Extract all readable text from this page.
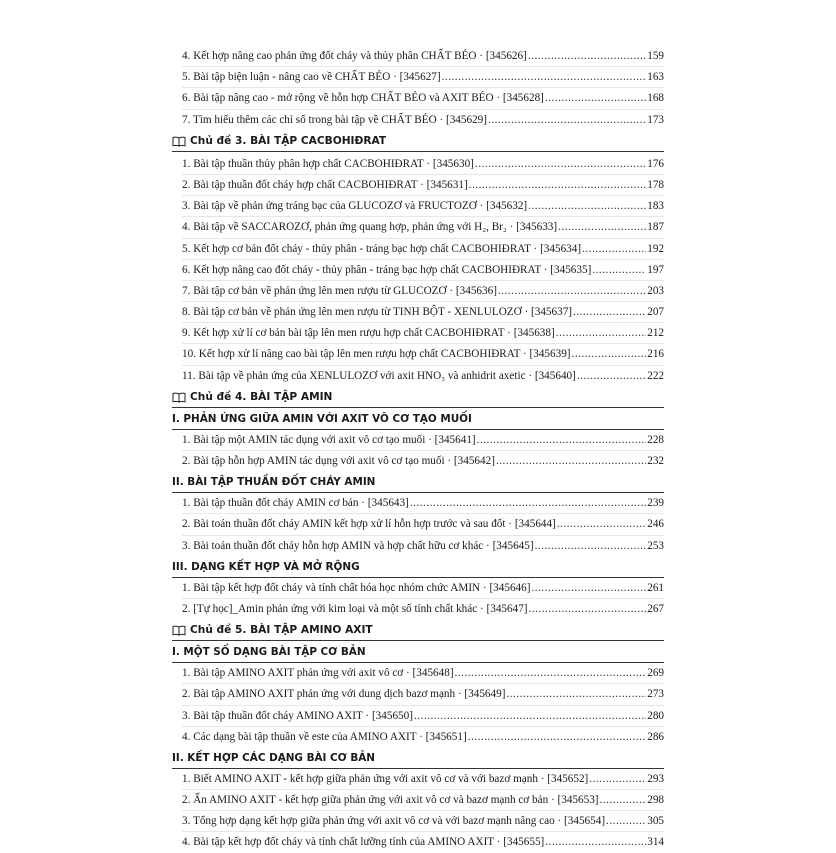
4. Kết hợp nâng cao phản ứng đốt cháy và thủy phân CHẤT BÉO · [345626] .....	159
5. Bài tập biện luận - nâng cao về CHẤT BÉO · [345627] .....	163
6. Bài tập nâng cao - mở rộng về hỗn hợp CHẤT BÉO và AXIT BÉO · [345628] .....	168
7. Tìm hiểu thêm các chỉ số trong bài tập về CHẤT BÉO · [345629] .....	173
Chủ đề 3. BÀI TẬP CACBOHIĐRAT
1. Bài tập thuần thủy phân hợp chất CACBOHIĐRAT · [345630] .....	176
2. Bài tập thuần đốt cháy hợp chất CACBOHIĐRAT · [345631] .....	178
3. Bài tập về phản ứng tráng bạc của GLUCOZƠ và FRUCTOZƠ · [345632] .....	183
4. Bài tập về SACCAROZƠ, phản ứng quang hợp, phản ứng với H₂, Br₂ · [345633] .....	187
5. Kết hợp cơ bản đốt cháy - thủy phân - tráng bạc hợp chất CACBOHIĐRAT · [345634] .....	192
6. Kết hợp nâng cao đốt cháy - thủy phân - tráng bạc hợp chất CACBOHIĐRAT · [345635] .....	197
7. Bài tập cơ bản về phản ứng lên men rượu từ GLUCOZƠ · [345636] .....	203
8. Bài tập cơ bản về phản ứng lên men rượu từ TINH BỘT - XENLULOZƠ · [345637] .....	207
9. Kết hợp xử lí cơ bản bài tập lên men rượu hợp chất CACBOHIĐRAT · [345638] .....	212
10. Kết hợp xử lí nâng cao bài tập lên men rượu hợp chất CACBOHIĐRAT · [345639] .....	216
11. Bài tập về phản ứng của XENLULOZƠ với axit HNO₃ và anhidrit axetic · [345640] .....	222
Chủ đề 4. BÀI TẬP AMIN
I. PHẢN ỨNG GIỮA AMIN VỚI AXIT VÔ CƠ TẠO MUỐI
1. Bài tập một AMIN tác dụng với axit vô cơ tạo muối · [345641] .....	228
2. Bài tập hỗn hợp AMIN tác dụng với axit vô cơ tạo muối · [345642] .....	232
II. BÀI TẬP THUẦN ĐỐT CHÁY AMIN
1. Bài tập thuần đốt cháy AMIN cơ bản · [345643] .....	239
2. Bài toán thuần đốt cháy AMIN kết hợp xử lí hỗn hợp trước và sau đốt · [345644] .....	246
3. Bài toán thuần đốt cháy hỗn hợp AMIN và hợp chất hữu cơ khác · [345645] .....	253
III. DẠNG KẾT HỢP VÀ MỞ RỘNG
1. Bài tập kết hợp đốt cháy và tính chất hóa học nhóm chức AMIN · [345646] .....	261
2. [Tự học]_Amin phản ứng với kim loại và một số tính chất khác · [345647] .....	267
Chủ đề 5. BÀI TẬP AMINO AXIT
I. MỘT SỐ DẠNG BÀI TẬP CƠ BẢN
1. Bài tập AMINO AXIT phản ứng với axit vô cơ · [345648] .....	269
2. Bài tập AMINO AXIT phản ứng với dung dịch bazơ mạnh · [345649] .....	273
3. Bài tập thuần đốt cháy AMINO AXIT · [345650] .....	280
4. Các dạng bài tập thuần về este của AMINO AXIT · [345651] .....	286
II. KẾT HỢP CÁC DẠNG BÀI CƠ BẢN
1. Biết AMINO AXIT - kết hợp giữa phản ứng với axit vô cơ và với bazơ mạnh · [345652] .....	293
2. Ẩn AMINO AXIT - kết hợp giữa phản ứng với axit vô cơ và bazơ mạnh cơ bản · [345653] .....	298
3. Tổng hợp dạng kết hợp giữa phản ứng với axit vô cơ và với bazơ mạnh nâng cao · [345654] .....	305
4. Bài tập kết hợp đốt cháy và tính chất lưỡng tính của AMINO AXIT · [345655] .....	314
